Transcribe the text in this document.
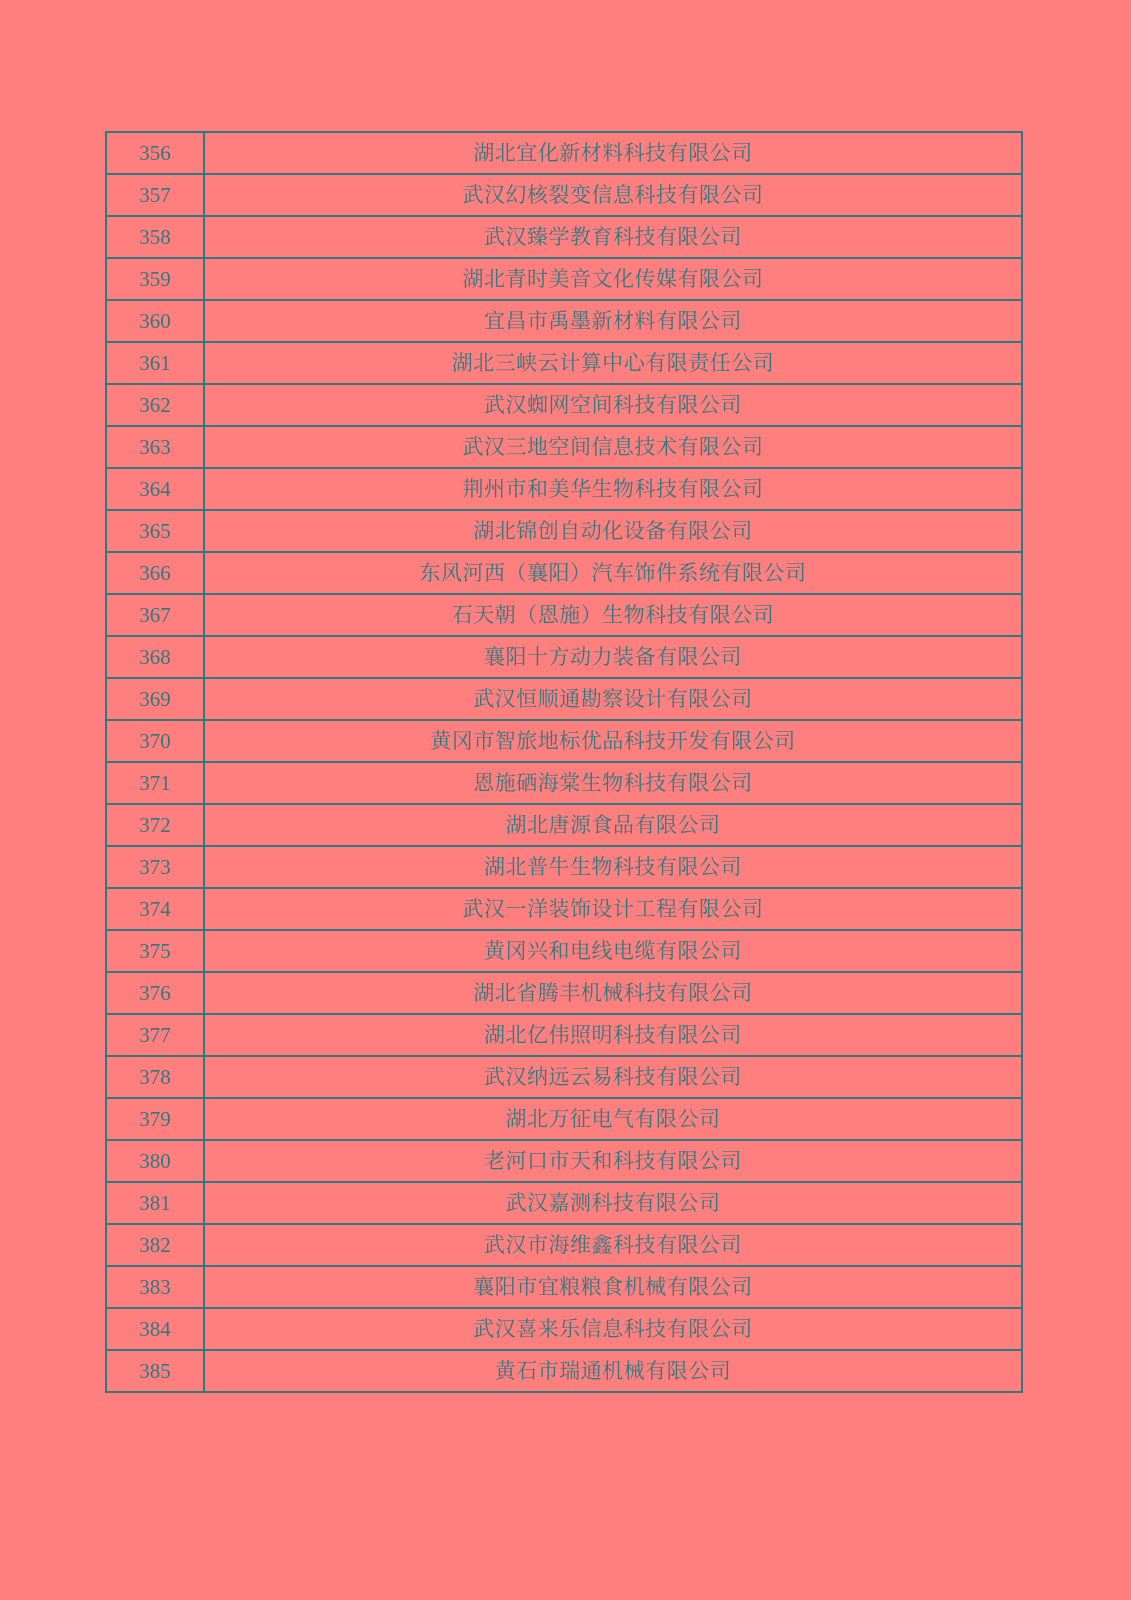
356	湖北宜化新材料科技有限公司
357	武汉幻核裂变信息科技有限公司
358	武汉臻学教育科技有限公司
359	湖北青时美音文化传媒有限公司
360	宜昌市禹墨新材料有限公司
361	湖北三峡云计算中心有限责任公司
362	武汉蜘网空间科技有限公司
363	武汉三地空间信息技术有限公司
364	荆州市和美华生物科技有限公司
365	湖北锦创自动化设备有限公司
366	东风河西（襄阳）汽车饰件系统有限公司
367	石天朝（恩施）生物科技有限公司
368	襄阳十方动力装备有限公司
369	武汉恒顺通勘察设计有限公司
370	黄冈市智旅地标优品科技开发有限公司
371	恩施硒海棠生物科技有限公司
372	湖北唐源食品有限公司
373	湖北普牛生物科技有限公司
374	武汉一洋装饰设计工程有限公司
375	黄冈兴和电线电缆有限公司
376	湖北省腾丰机械科技有限公司
377	湖北亿伟照明科技有限公司
378	武汉纳远云易科技有限公司
379	湖北万征电气有限公司
380	老河口市天和科技有限公司
381	武汉嘉测科技有限公司
382	武汉市海维鑫科技有限公司
383	襄阳市宜粮粮食机械有限公司
384	武汉喜来乐信息科技有限公司
385	黄石市瑞通机械有限公司
